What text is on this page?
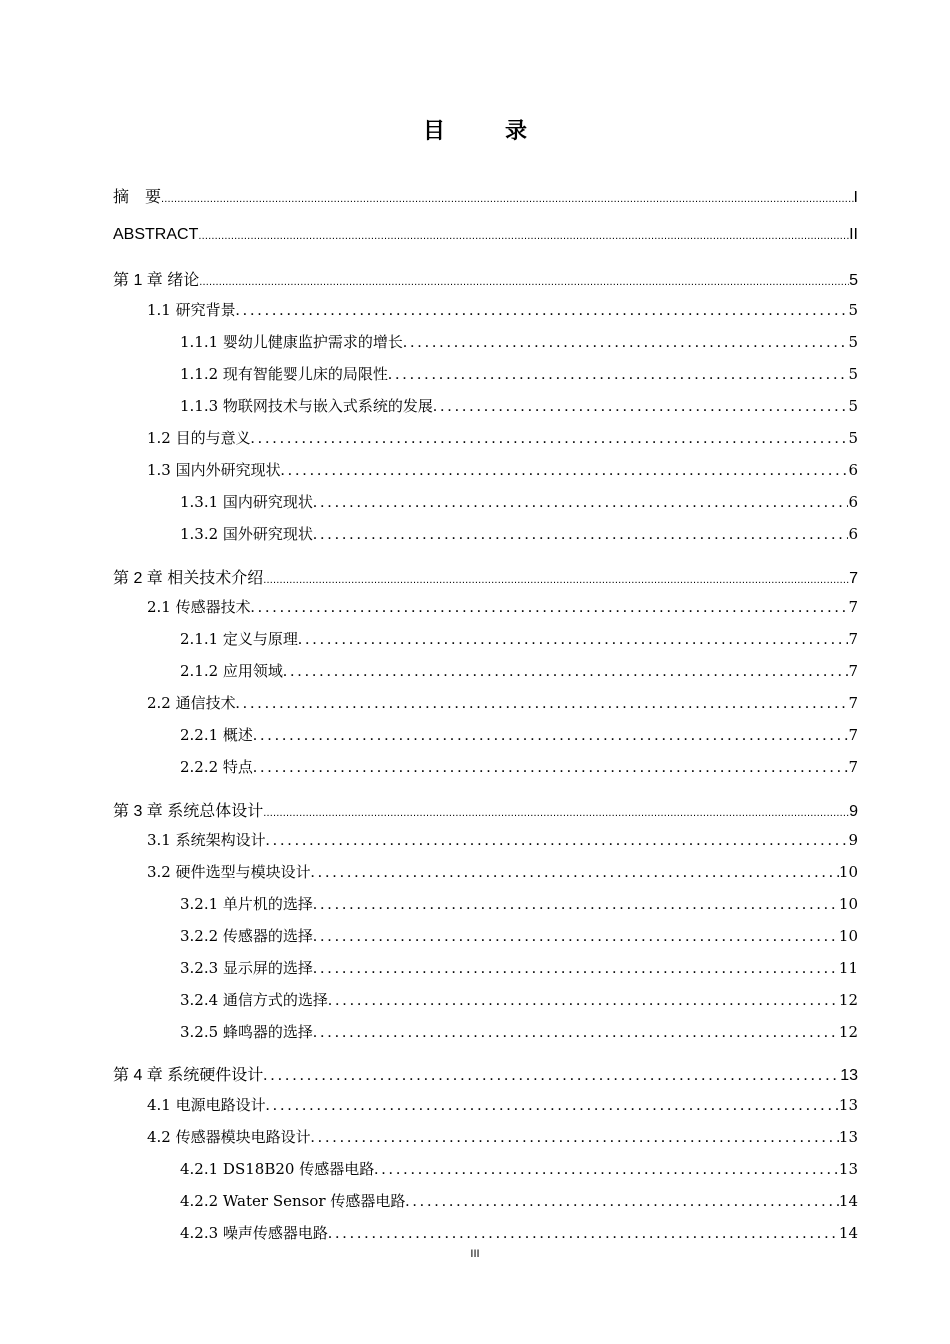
目	录
摘　要 .....	I
ABSTRACT .....	II
第 1 章 绪论 .....	5
1.1 研究背景 .....	5
1.1.1 婴幼儿健康监护需求的增长 .....	5
1.1.2 现有智能婴儿床的局限性 .....	5
1.1.3 物联网技术与嵌入式系统的发展 .....	5
1.2 目的与意义 .....	5
1.3 国内外研究现状 .....	6
1.3.1 国内研究现状 .....	6
1.3.2 国外研究现状 .....	6
第 2 章 相关技术介绍 .....	7
2.1 传感器技术 .....	7
2.1.1 定义与原理 .....	7
2.1.2 应用领域 .....	7
2.2 通信技术 .....	7
2.2.1 概述 .....	7
2.2.2 特点 .....	7
第 3 章 系统总体设计 .....	9
3.1 系统架构设计 .....	9
3.2 硬件选型与模块设计 .....	10
3.2.1 单片机的选择 .....	10
3.2.2 传感器的选择 .....	10
3.2.3 显示屏的选择 .....	11
3.2.4 通信方式的选择 .....	12
3.2.5 蜂鸣器的选择 .....	12
第 4 章 系统硬件设计 .....	13
4.1 电源电路设计 .....	13
4.2 传感器模块电路设计 .....	13
4.2.1 DS18B20 传感器电路 .....	13
4.2.2 Water Sensor 传感器电路 .....	14
4.2.3 噪声传感器电路 .....	14
III
